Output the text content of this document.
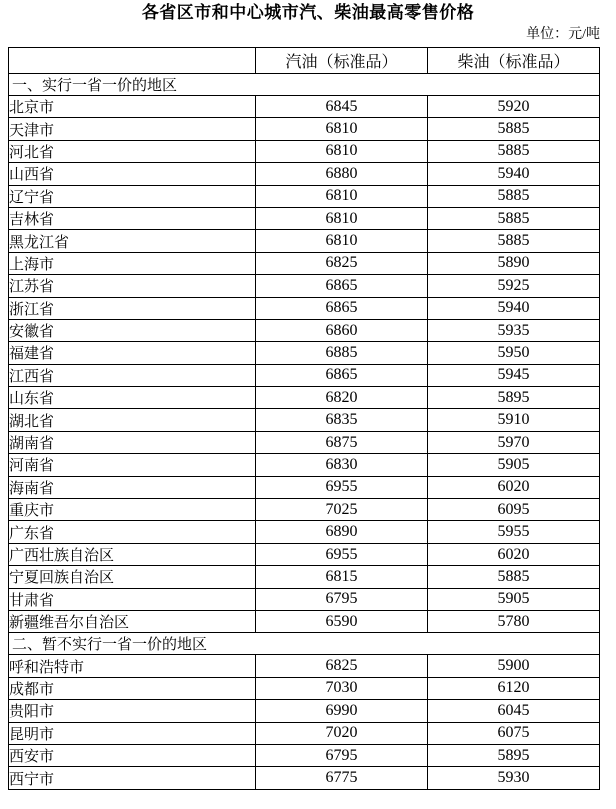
各省区市和中心城市汽、柴油最高零售价格
单位：元/吨
	汽油（标准品）	柴油（标准品）
一、实行一省一价的地区		
北京市	6845	5920
天津市	6810	5885
河北省	6810	5885
山西省	6880	5940
辽宁省	6810	5885
吉林省	6810	5885
黑龙江省	6810	5885
上海市	6825	5890
江苏省	6865	5925
浙江省	6865	5940
安徽省	6860	5935
福建省	6885	5950
江西省	6865	5945
山东省	6820	5895
湖北省	6835	5910
湖南省	6875	5970
河南省	6830	5905
海南省	6955	6020
重庆市	7025	6095
广东省	6890	5955
广西壮族自治区	6955	6020
宁夏回族自治区	6815	5885
甘肃省	6795	5905
新疆维吾尔自治区	6590	5780
二、暂不实行一省一价的地区		
呼和浩特市	6825	5900
成都市	7030	6120
贵阳市	6990	6045
昆明市	7020	6075
西安市	6795	5895
西宁市	6775	5930
